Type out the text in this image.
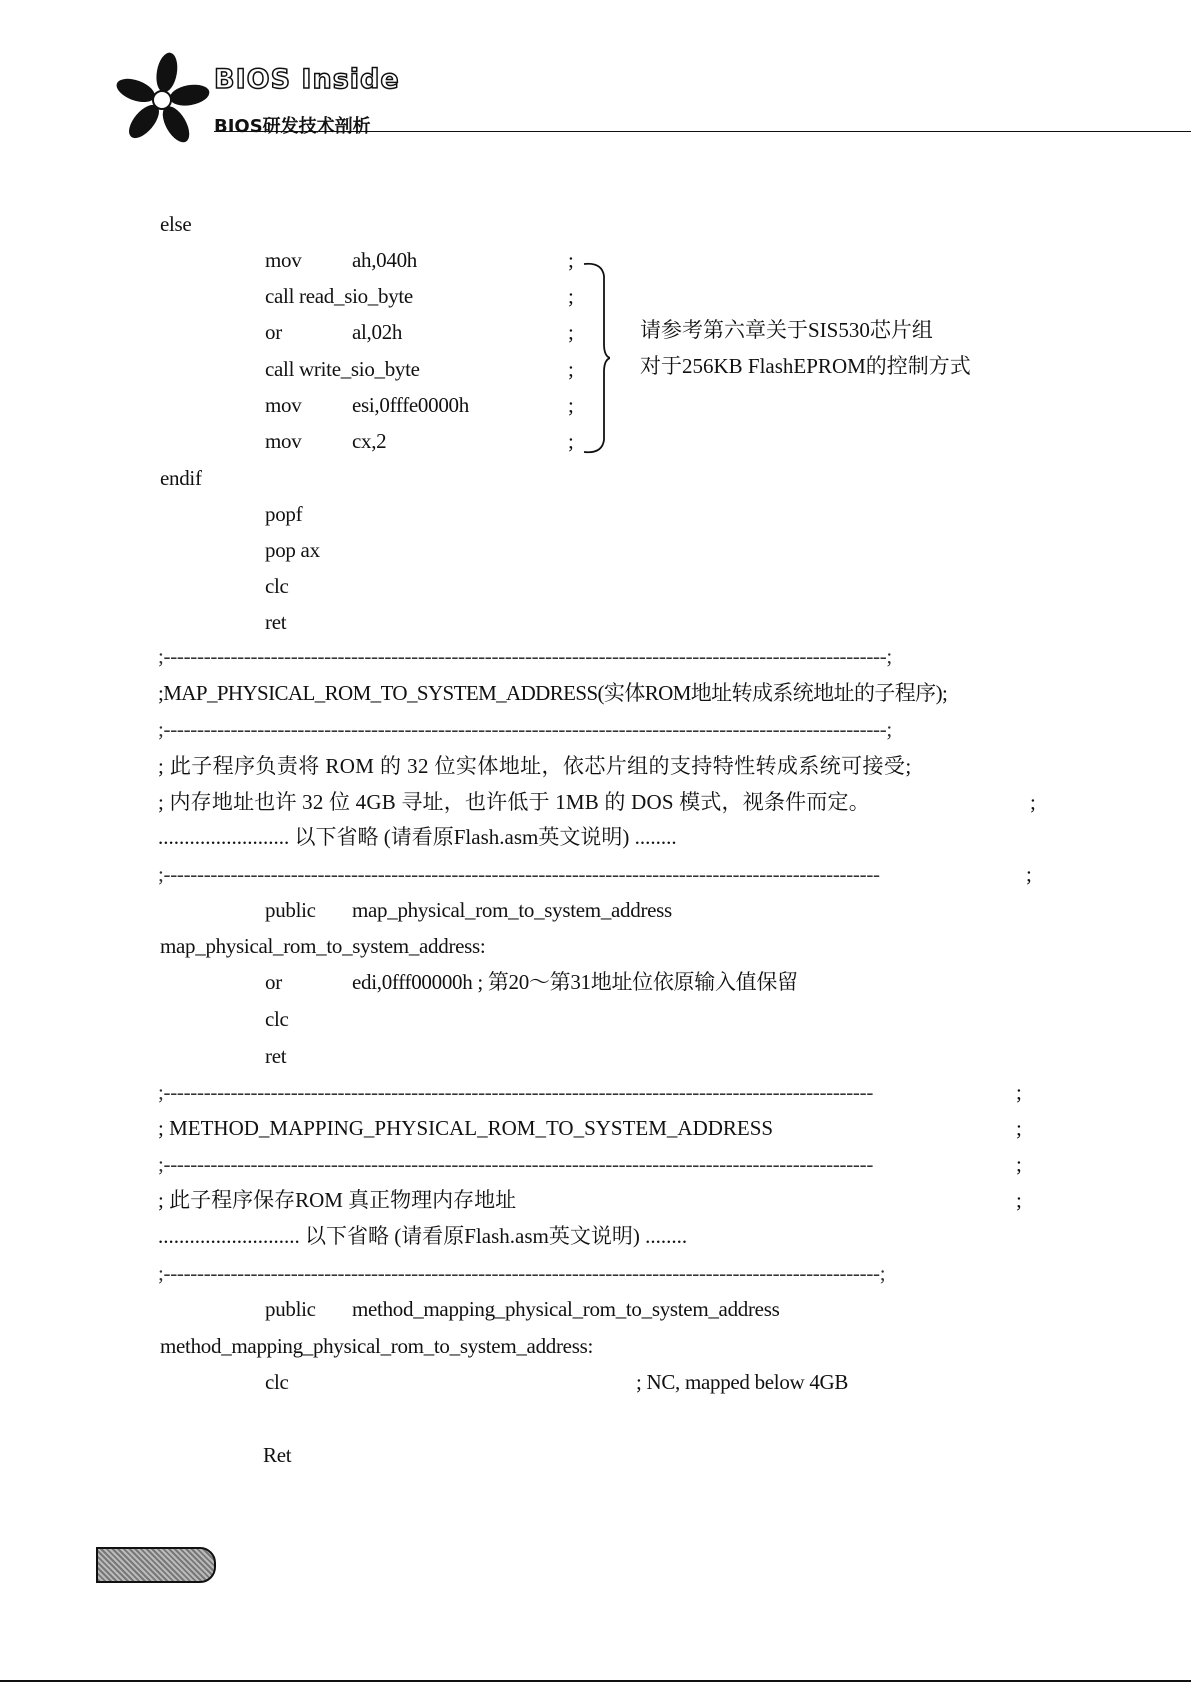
BIOS Inside
BIOS研发技术剖析
else
mov ah,040h	;
call read_sio_byte	;
or	al,02h	;
call write_sio_byte	;
mov esi,0fffe0000h	;
mov cx,2	;
请参考第六章关于SIS530芯片组
对于256KB FlashEPROM的控制方式
endif
popf
pop ax
clc
ret
;------------------------------------------------------------------------------------------------------------;
;MAP_PHYSICAL_ROM_TO_SYSTEM_ADDRESS(实体ROM地址转成系统地址的子程序);
;------------------------------------------------------------------------------------------------------------;
; 此子程序负责将 ROM 的 32 位实体地址，依芯片组的支持特性转成系统可接受;
; 内存地址也许 32 位 4GB 寻址，也许低于 1MB 的 DOS 模式，视条件而定。	;
......................... 以下省略 (请看原Flash.asm英文说明) ........
;-----------------------------------------------------------------------------------------------------------	;
public map_physical_rom_to_system_address
map_physical_rom_to_system_address:
or	edi,0fff00000h ; 第20～第31地址位依原输入值保留
clc
ret
;----------------------------------------------------------------------------------------------------------	;
; METHOD_MAPPING_PHYSICAL_ROM_TO_SYSTEM_ADDRESS	;
;----------------------------------------------------------------------------------------------------------	;
; 此子程序保存ROM 真正物理内存地址	;
........................... 以下省略 (请看原Flash.asm英文说明) ........
;-----------------------------------------------------------------------------------------------------------;
public method_mapping_physical_rom_to_system_address
method_mapping_physical_rom_to_system_address:
clc	; NC, mapped below 4GB
Ret
